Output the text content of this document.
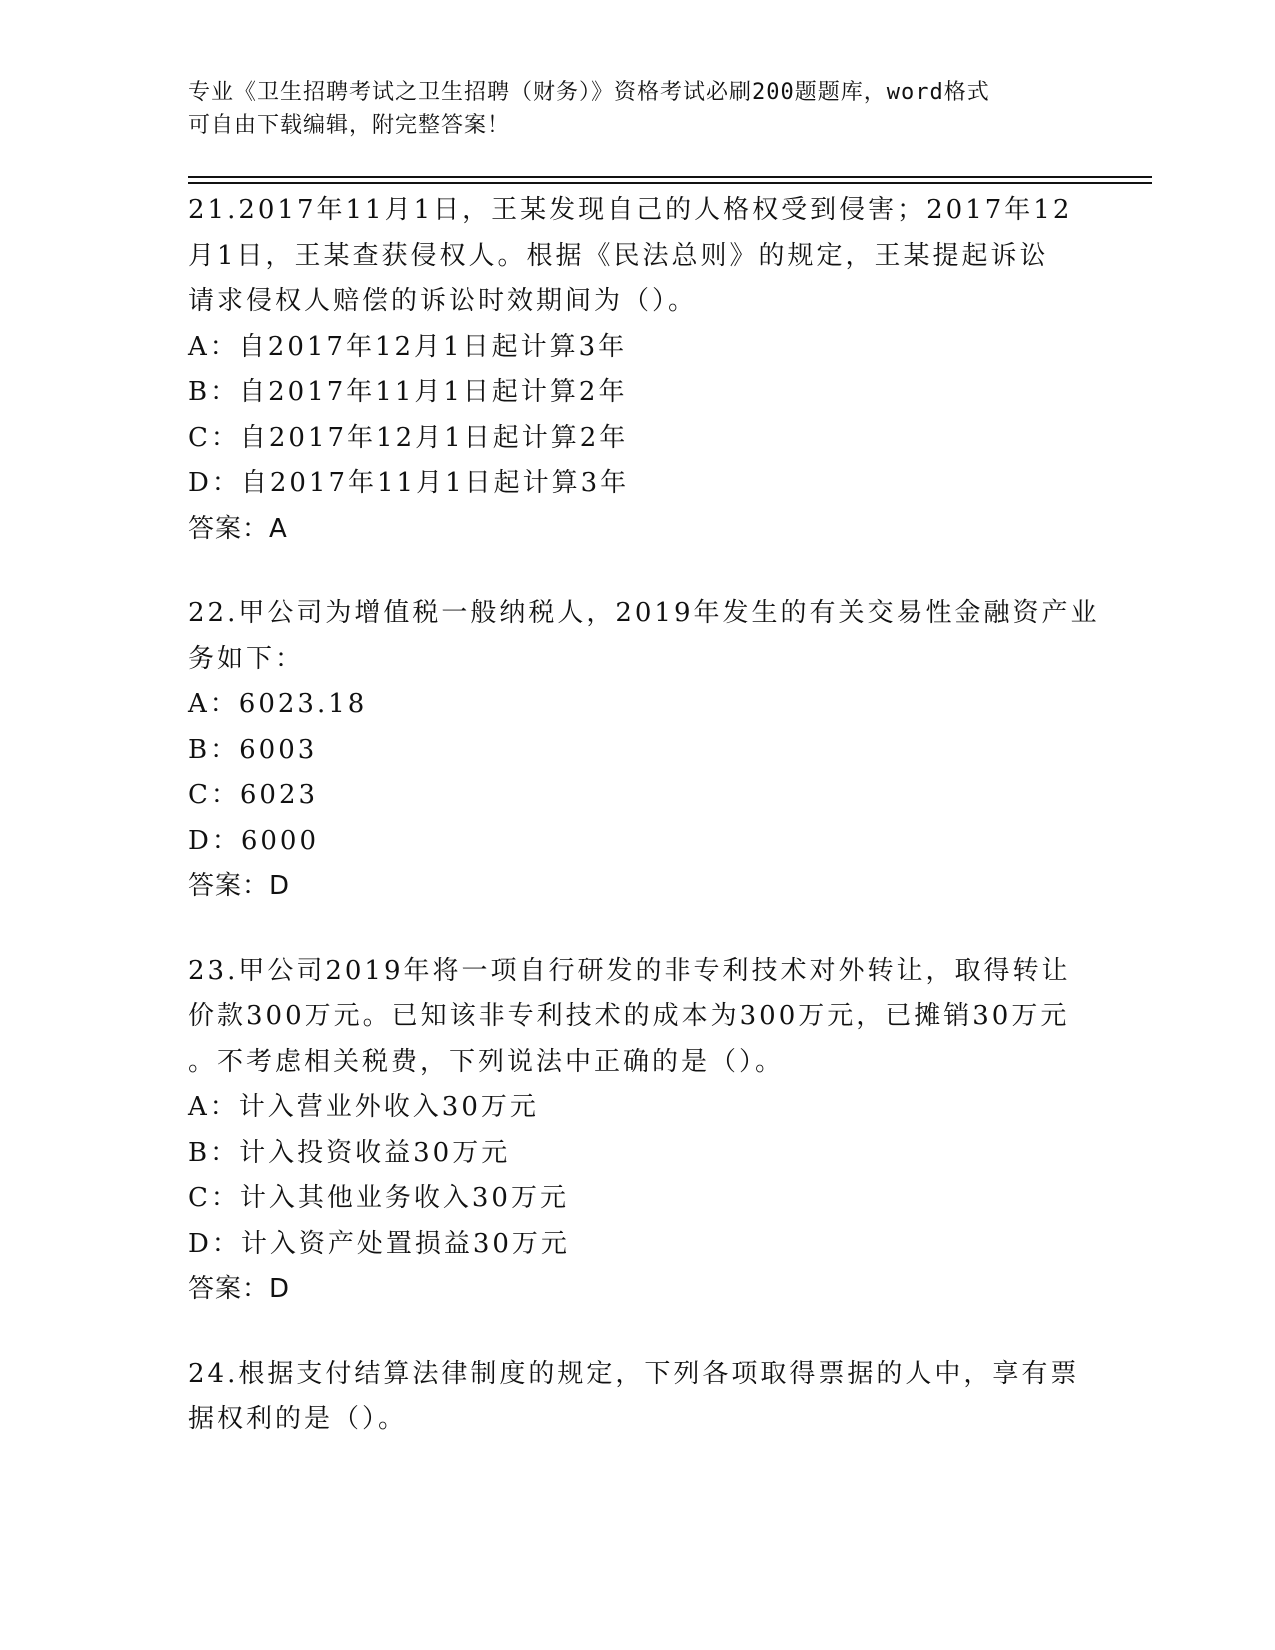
专业《卫生招聘考试之卫生招聘（财务）》资格考试必刷200题题库，word格式
可自由下载编辑，附完整答案！
21.2017年11月1日，王某发现自己的人格权受到侵害；2017年12
月1日，王某查获侵权人。根据《民法总则》的规定，王某提起诉讼
请求侵权人赔偿的诉讼时效期间为（）。
A：自2017年12月1日起计算3年
B：自2017年11月1日起计算2年
C：自2017年12月1日起计算2年
D：自2017年11月1日起计算3年
答案：A
22.甲公司为增值税一般纳税人，2019年发生的有关交易性金融资产业
务如下：
A：6023.18
B：6003
C：6023
D：6000
答案：D
23.甲公司2019年将一项自行研发的非专利技术对外转让，取得转让
价款300万元。已知该非专利技术的成本为300万元，已摊销30万元
。不考虑相关税费，下列说法中正确的是（）。
A：计入营业外收入30万元
B：计入投资收益30万元
C：计入其他业务收入30万元
D：计入资产处置损益30万元
答案：D
24.根据支付结算法律制度的规定，下列各项取得票据的人中，享有票
据权利的是（）。
